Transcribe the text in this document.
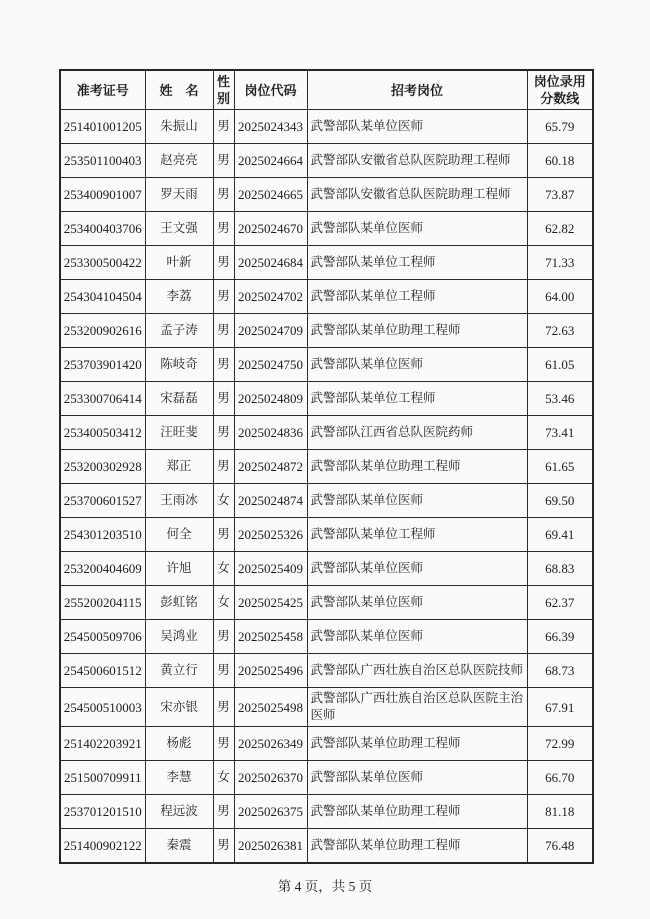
准考证号	姓　名	性别	岗位代码	招考岗位	岗位录用分数线
251401001205	朱振山	男	2025024343	武警部队某单位医师	65.79
253501100403	赵亮亮	男	2025024664	武警部队安徽省总队医院助理工程师	60.18
253400901007	罗天雨	男	2025024665	武警部队安徽省总队医院助理工程师	73.87
253400403706	王文强	男	2025024670	武警部队某单位医师	62.82
253300500422	叶新	男	2025024684	武警部队某单位工程师	71.33
254304104504	李荔	男	2025024702	武警部队某单位工程师	64.00
253200902616	孟子涛	男	2025024709	武警部队某单位助理工程师	72.63
253703901420	陈岐奇	男	2025024750	武警部队某单位医师	61.05
253300706414	宋磊磊	男	2025024809	武警部队某单位工程师	53.46
253400503412	汪旺斐	男	2025024836	武警部队江西省总队医院药师	73.41
253200302928	郑正	男	2025024872	武警部队某单位助理工程师	61.65
253700601527	王雨冰	女	2025024874	武警部队某单位医师	69.50
254301203510	何全	男	2025025326	武警部队某单位工程师	69.41
253200404609	许旭	女	2025025409	武警部队某单位医师	68.83
255200204115	彭虹铭	女	2025025425	武警部队某单位医师	62.37
254500509706	吴鸿业	男	2025025458	武警部队某单位医师	66.39
254500601512	黄立行	男	2025025496	武警部队广西壮族自治区总队医院技师	68.73
254500510003	宋亦银	男	2025025498	武警部队广西壮族自治区总队医院主治医师	67.91
251402203921	杨彪	男	2025026349	武警部队某单位助理工程师	72.99
251500709911	李慧	女	2025026370	武警部队某单位医师	66.70
253701201510	程远波	男	2025026375	武警部队某单位助理工程师	81.18
251400902122	秦震	男	2025026381	武警部队某单位助理工程师	76.48
第 4 页，共 5 页
